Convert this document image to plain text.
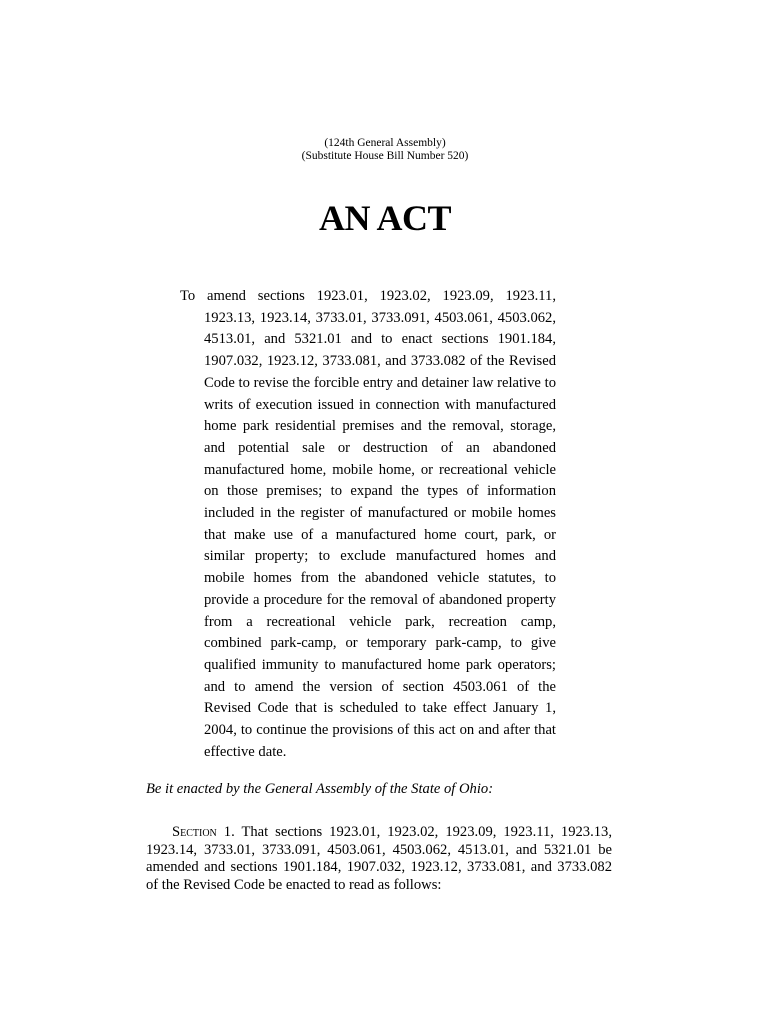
(124th General Assembly)
(Substitute House Bill Number 520)
AN ACT
To amend sections 1923.01, 1923.02, 1923.09, 1923.11, 1923.13, 1923.14, 3733.01, 3733.091, 4503.061, 4503.062, 4513.01, and 5321.01 and to enact sections 1901.184, 1907.032, 1923.12, 3733.081, and 3733.082 of the Revised Code to revise the forcible entry and detainer law relative to writs of execution issued in connection with manufactured home park residential premises and the removal, storage, and potential sale or destruction of an abandoned manufactured home, mobile home, or recreational vehicle on those premises; to expand the types of information included in the register of manufactured or mobile homes that make use of a manufactured home court, park, or similar property; to exclude manufactured homes and mobile homes from the abandoned vehicle statutes, to provide a procedure for the removal of abandoned property from a recreational vehicle park, recreation camp, combined park-camp, or temporary park-camp, to give qualified immunity to manufactured home park operators; and to amend the version of section 4503.061 of the Revised Code that is scheduled to take effect January 1, 2004, to continue the provisions of this act on and after that effective date.
Be it enacted by the General Assembly of the State of Ohio:
Section 1. That sections 1923.01, 1923.02, 1923.09, 1923.11, 1923.13, 1923.14, 3733.01, 3733.091, 4503.061, 4503.062, 4513.01, and 5321.01 be amended and sections 1901.184, 1907.032, 1923.12, 3733.081, and 3733.082 of the Revised Code be enacted to read as follows:
